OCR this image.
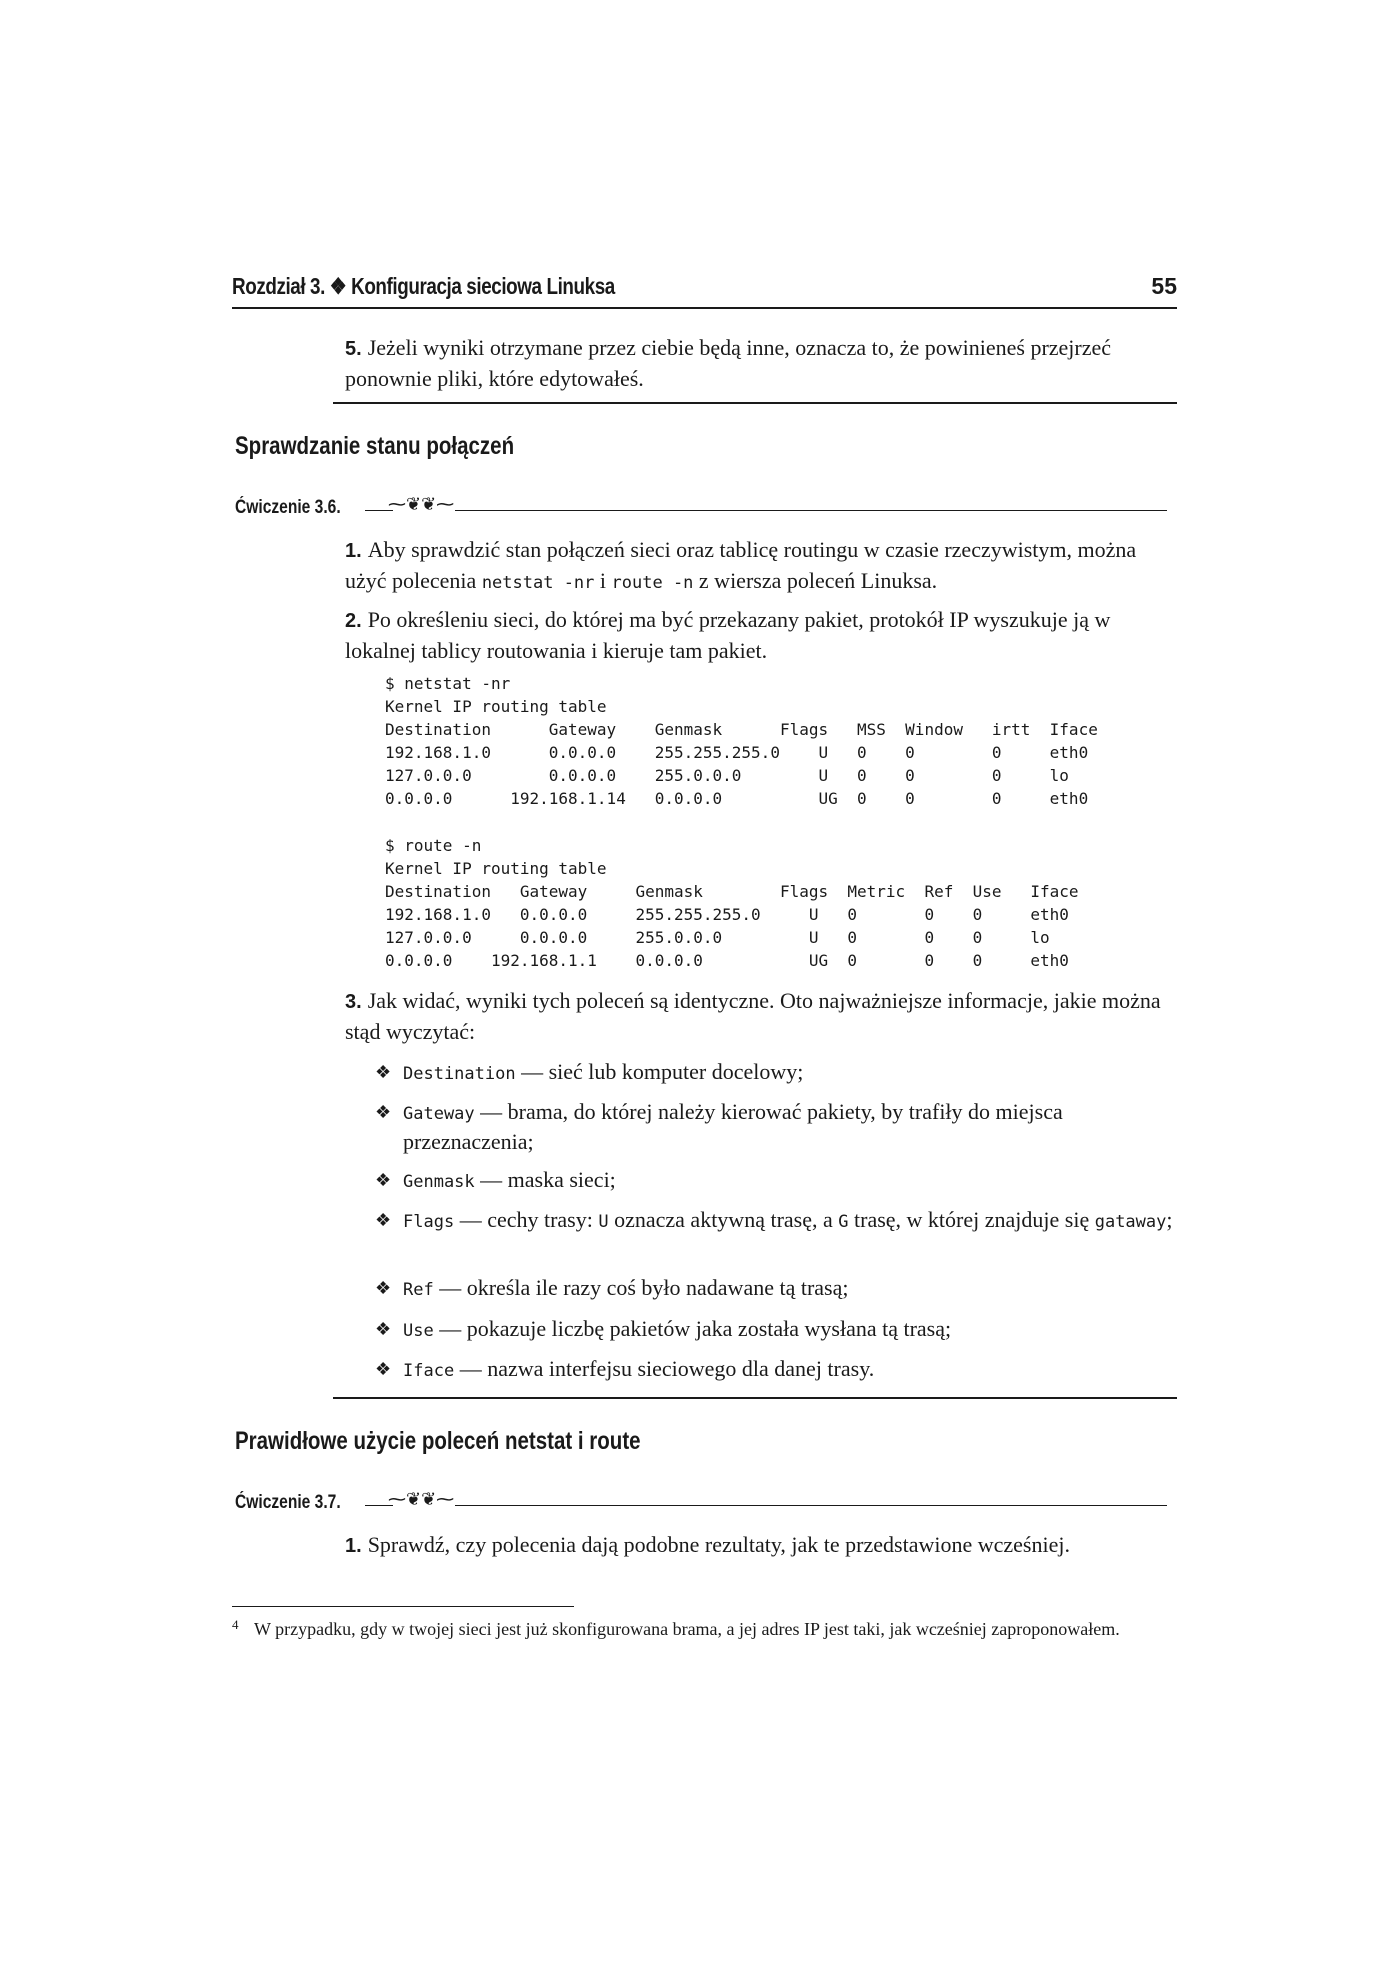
Rozdział 3. ❖ Konfiguracja sieciowa Linuksa	55
5. Jeżeli wyniki otrzymane przez ciebie będą inne, oznacza to, że powinieneś przejrzeć ponownie pliki, które edytowałeś.
Sprawdzanie stanu połączeń
Ćwiczenie 3.6.	⁓❦❦⁓
1. Aby sprawdzić stan połączeń sieci oraz tablicę routingu w czasie rzeczywistym, można użyć polecenia netstat -nr i route -n z wiersza poleceń Linuksa.
2. Po określeniu sieci, do której ma być przekazany pakiet, protokół IP wyszukuje ją w lokalnej tablicy routowania i kieruje tam pakiet.
$ netstat -nr
Kernel IP routing table
Destination      Gateway    Genmask      Flags   MSS  Window   irtt  Iface
192.168.1.0      0.0.0.0    255.255.255.0    U   0    0        0     eth0
127.0.0.0        0.0.0.0    255.0.0.0        U   0    0        0     lo
0.0.0.0      192.168.1.14   0.0.0.0          UG  0    0        0     eth0
$ route -n
Kernel IP routing table
Destination   Gateway     Genmask        Flags  Metric  Ref  Use   Iface
192.168.1.0   0.0.0.0     255.255.255.0     U   0       0    0     eth0
127.0.0.0     0.0.0.0     255.0.0.0         U   0       0    0     lo
0.0.0.0    192.168.1.1    0.0.0.0           UG  0       0    0     eth0
3. Jak widać, wyniki tych poleceń są identyczne. Oto najważniejsze informacje, jakie można stąd wyczytać:
❖ Destination — sieć lub komputer docelowy;
❖ Gateway — brama, do której należy kierować pakiety, by trafiły do miejsca przeznaczenia;
❖ Genmask — maska sieci;
❖ Flags — cechy trasy: U oznacza aktywną trasę, a G trasę, w której znajduje się gataway;
❖ Ref — określa ile razy coś było nadawane tą trasą;
❖ Use — pokazuje liczbę pakietów jaka została wysłana tą trasą;
❖ Iface — nazwa interfejsu sieciowego dla danej trasy.
Prawidłowe użycie poleceń netstat i route
Ćwiczenie 3.7.	⁓❦❦⁓
1. Sprawdź, czy polecenia dają podobne rezultaty, jak te przedstawione wcześniej.
4 W przypadku, gdy w twojej sieci jest już skonfigurowana brama, a jej adres IP jest taki, jak wcześniej zaproponowałem.
